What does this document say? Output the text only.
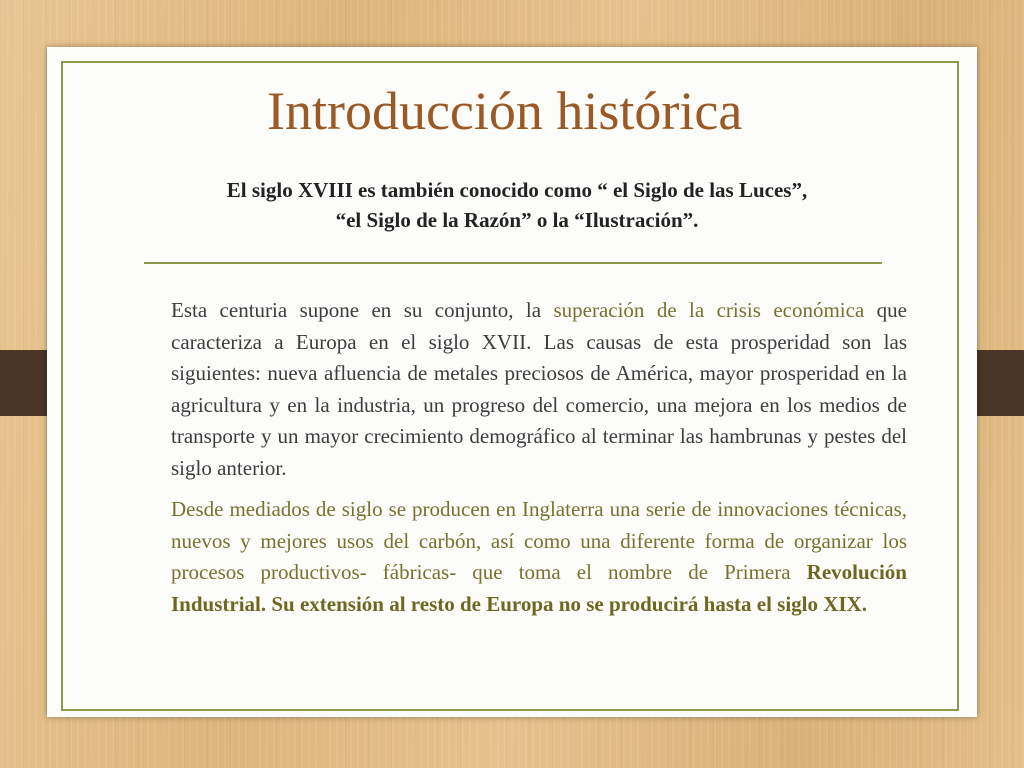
Introducción histórica
El siglo XVIII es también conocido como “ el Siglo de las Luces”,
“el Siglo de la Razón” o la “Ilustración”.

Esta centuria supone en su conjunto, la superación de la crisis económica que caracteriza a Europa en el siglo XVII. Las causas de esta prosperidad son las siguientes: nueva afluencia de metales preciosos de América, mayor prosperidad en la agricultura y en la industria, un progreso del comercio, una mejora en los medios de transporte y un mayor crecimiento demográfico al terminar las hambrunas y pestes del siglo anterior.

Desde mediados de siglo se producen en Inglaterra una serie de innovaciones técnicas, nuevos y mejores usos del carbón, así como una diferente forma de organizar los procesos productivos- fábricas- que toma el nombre de Primera Revolución Industrial. Su extensión al resto de Europa no se producirá hasta el siglo XIX.
